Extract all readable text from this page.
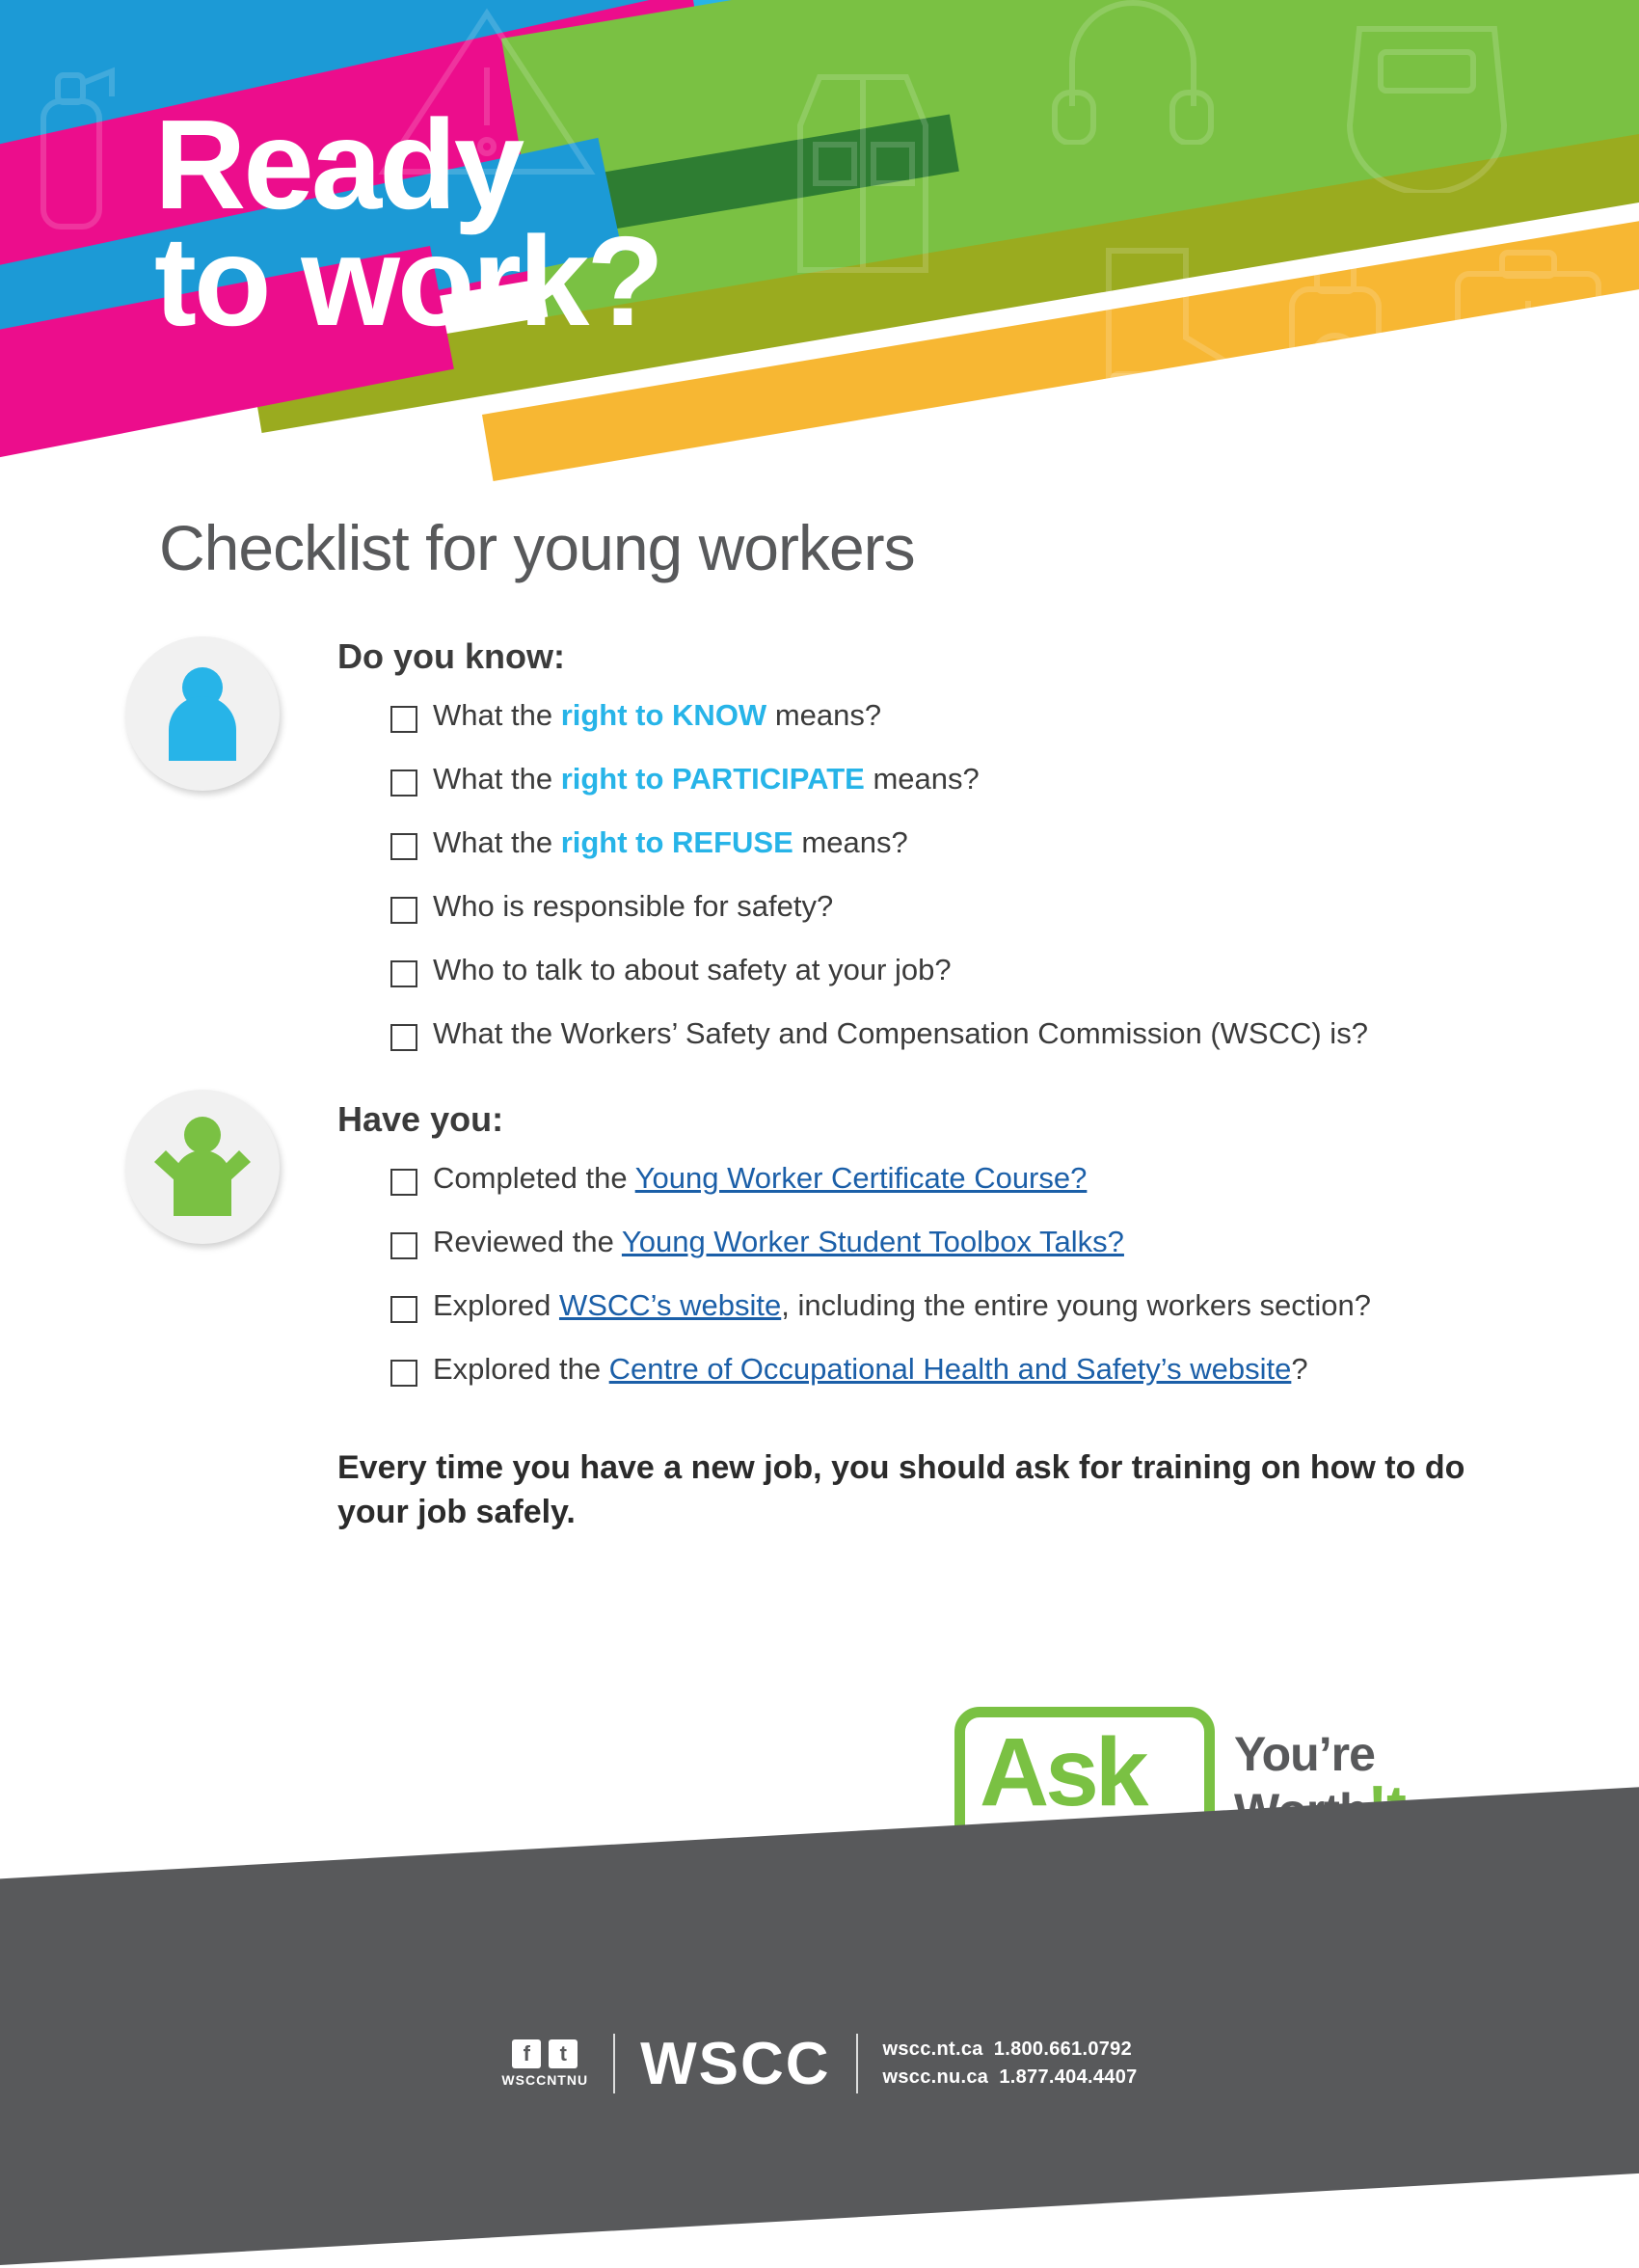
Ready
to work?
Checklist for young workers
Do you know:
What the right to KNOW means?
What the right to PARTICIPATE means?
What the right to REFUSE means?
Who is responsible for safety?
Who to talk to about safety at your job?
What the Workers’ Safety and Compensation Commission (WSCC) is?
Have you:
Completed the Young Worker Certificate Course?
Reviewed the Young Worker Student Toolbox Talks?
Explored WSCC’s website, including the entire young workers section?
Explored the Centre of Occupational Health and Safety’s website?
Every time you have a new job, you should ask for training on how to do your job safely.
Ask You’re
f	t
WSCCNTNU WSCC	wscc.nt.ca 1.800.661.0792
wscc.nu.ca 1.877.404.4407
